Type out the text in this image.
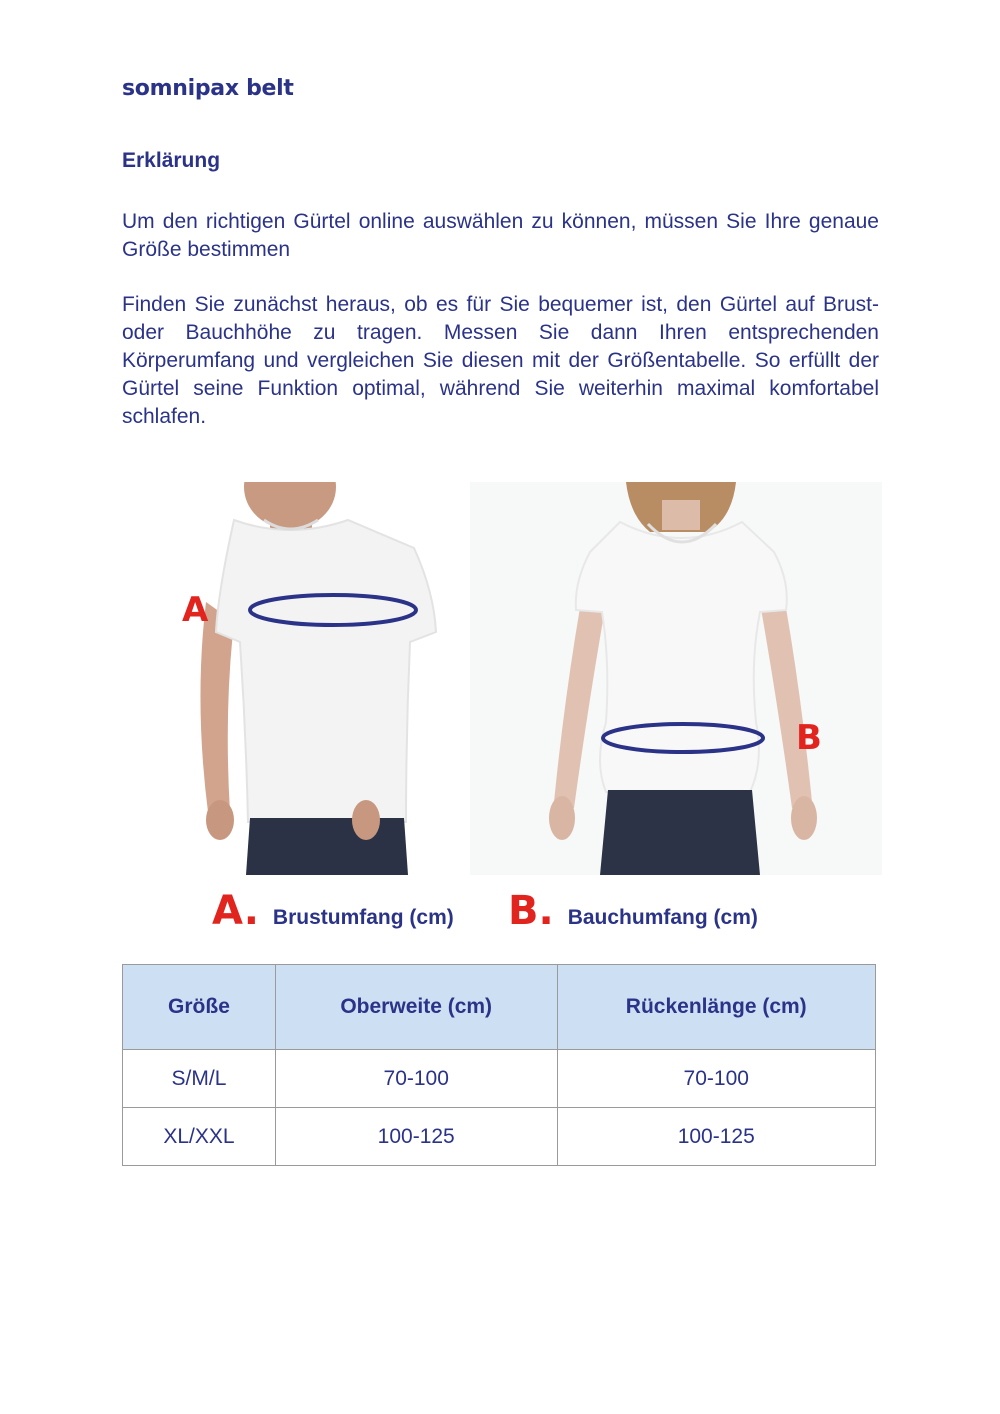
somnipax belt
Erklärung

Um den richtigen Gürtel online auswählen zu können, müssen Sie Ihre genaue Größe bestimmen

Finden Sie zunächst heraus, ob es für Sie bequemer ist, den Gürtel auf Brust- oder Bauchhöhe zu tragen. Messen Sie dann Ihren entsprechenden Körperumfang und vergleichen Sie diesen mit der Größentabelle. So erfüllt der Gürtel seine Funktion optimal, während Sie weiterhin maximal komfortabel schlafen.

A
B
A. Brustumfang (cm) B. Bauchumfang (cm)
Größe	Oberweite (cm)	Rückenlänge (cm)
S/M/L	70-100	70-100
XL/XXL	100-125	100-125
